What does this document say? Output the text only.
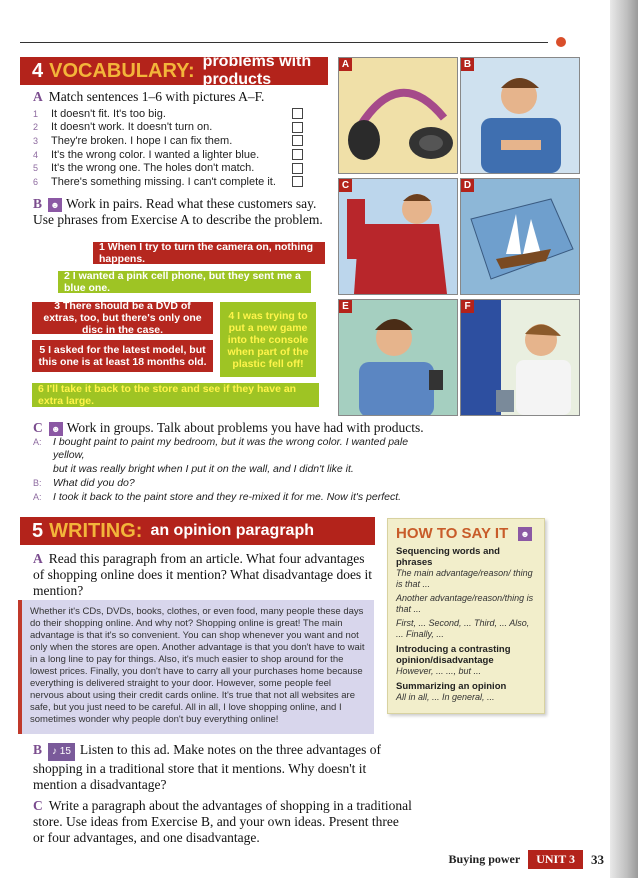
4 VOCABULARY: problems with products
A Match sentences 1–6 with pictures A–F.
1	It doesn't fit. It's too big.
2	It doesn't work. It doesn't turn on.
3	They're broken. I hope I can fix them.
4	It's the wrong color. I wanted a lighter blue.
5	It's the wrong one. The holes don't match.
6	There's something missing. I can't complete it.
B ☻ Work in pairs. Read what these customers say.
Use phrases from Exercise A to describe the problem.
1 When I try to turn the camera on, nothing happens.
2 I wanted a pink cell phone, but they sent me a blue one.
3 There should be a DVD of extras, too, but there's only one disc in the case.
4 I was trying to put a new game into the console when part of the plastic fell off!
5 I asked for the latest model, but this one is at least 18 months old.
6 I'll take it back to the store and see if they have an extra large.
A	B
C	D
E	F
C ☻ Work in groups. Talk about problems you have had with products.
A:	I bought paint to paint my bedroom, but it was the wrong color. I wanted pale yellow,
but it was really bright when I put it on the wall, and I didn't like it.
B:	What did you do?
A:	I took it back to the paint store and they re-mixed it for me. Now it's perfect.
5 WRITING: an opinion paragraph
A Read this paragraph from an article. What four advantages of shopping online does it mention? What disadvantage does it mention?
Whether it's CDs, DVDs, books, clothes, or even food, many people these days do their shopping online. And why not? Shopping online is great! The main advantage is that it's so convenient. You can shop whenever you want and not only when the stores are open. Another advantage is that you don't have to wait in a long line to pay for things. Also, it's much easier to shop around for the lowest prices. Finally, you don't have to carry all your purchases home because everything is delivered straight to your door. However, some people feel nervous about using their credit cards online. It's true that not all websites are safe, but you just need to be careful. All in all, I love shopping online, and I sometimes wonder why people don't buy everything online!
HOW TO SAY IT ☻
Sequencing words and phrases
The main advantage/reason/ thing is that ...
Another advantage/reason/thing is that ...
First, ... Second, ... Third, ... Also, ... Finally, ...
Introducing a contrasting opinion/disadvantage
However, ... ..., but ...
Summarizing an opinion
All in all, ... In general, ...
B ♪ 15 Listen to this ad. Make notes on the three advantages of shopping in a traditional store that it mentions. Why doesn't it mention a disadvantage?
C Write a paragraph about the advantages of shopping in a traditional store. Use ideas from Exercise B, and your own ideas. Present three or four advantages, and one disadvantage.
Buying power	UNIT 3	33
